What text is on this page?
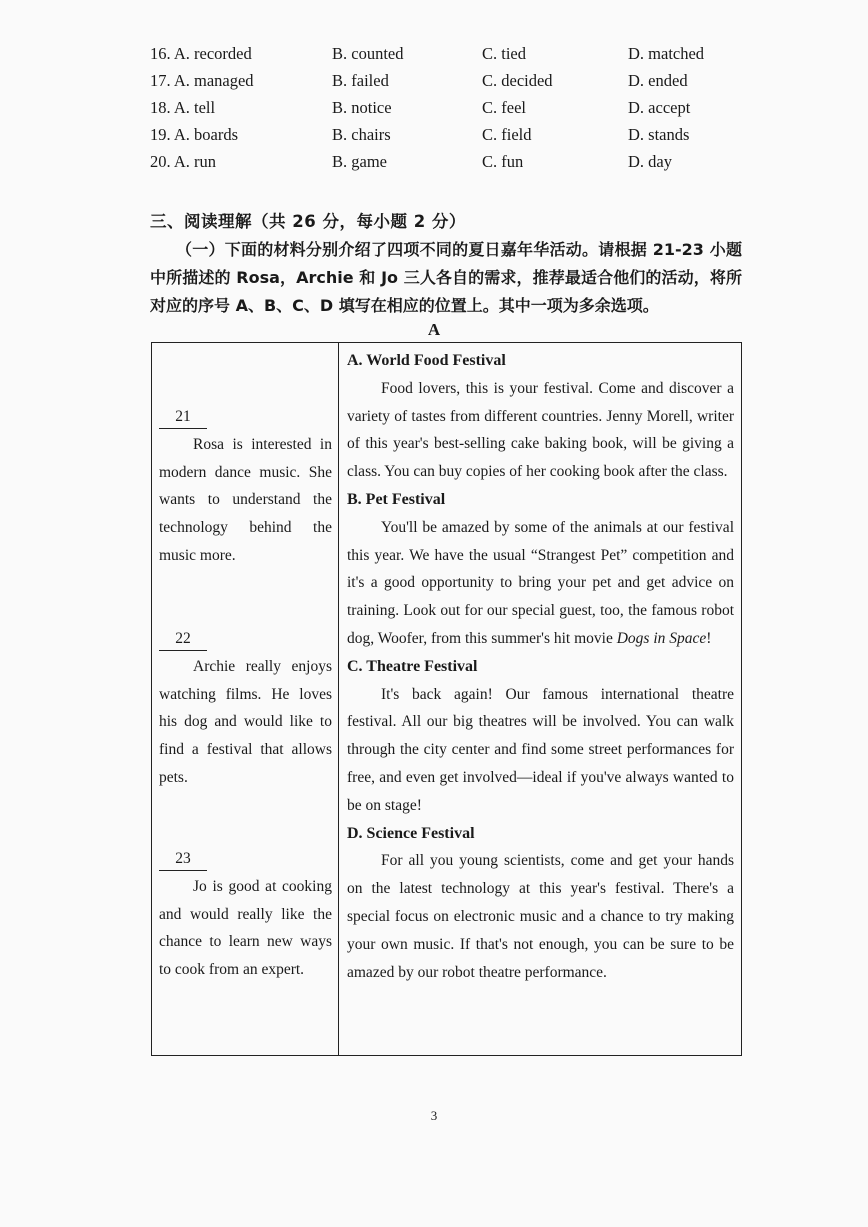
16. A. recorded	B. counted	C. tied	D. matched
17. A. managed	B. failed	C. decided	D. ended
18. A. tell	B. notice	C. feel	D. accept
19. A. boards	B. chairs	C. field	D. stands
20. A. run	B. game	C. fun	D. day
三、阅读理解（共 26 分，每小题 2 分）
（一）下面的材料分别介绍了四项不同的夏日嘉年华活动。请根据 21-23 小题中所描述的 Rosa，Archie 和 Jo 三人各自的需求，推荐最适合他们的活动，将所对应的序号 A、B、C、D 填写在相应的位置上。其中一项为多余选项。
A
21
Rosa is interested in modern dance music. She wants to understand the technology behind the music more.
22
Archie really enjoys watching films. He loves his dog and would like to find a festival that allows pets.
23
Jo is good at cooking and would really like the chance to learn new ways to cook from an expert.
A. World Food Festival
Food lovers, this is your festival. Come and discover a variety of tastes from different countries. Jenny Morell, writer of this year's best-selling cake baking book, will be giving a class. You can buy copies of her cooking book after the class.
B. Pet Festival
You'll be amazed by some of the animals at our festival this year. We have the usual “Strangest Pet” competition and it's a good opportunity to bring your pet and get advice on training. Look out for our special guest, too, the famous robot dog, Woofer, from this summer's hit movie Dogs in Space!
C. Theatre Festival
It's back again! Our famous international theatre festival. All our big theatres will be involved. You can walk through the city center and find some street performances for free, and even get involved—ideal if you've always wanted to be on stage!
D. Science Festival
For all you young scientists, come and get your hands on the latest technology at this year's festival. There's a special focus on electronic music and a chance to try making your own music. If that's not enough, you can be sure to be amazed by our robot theatre performance.
3
